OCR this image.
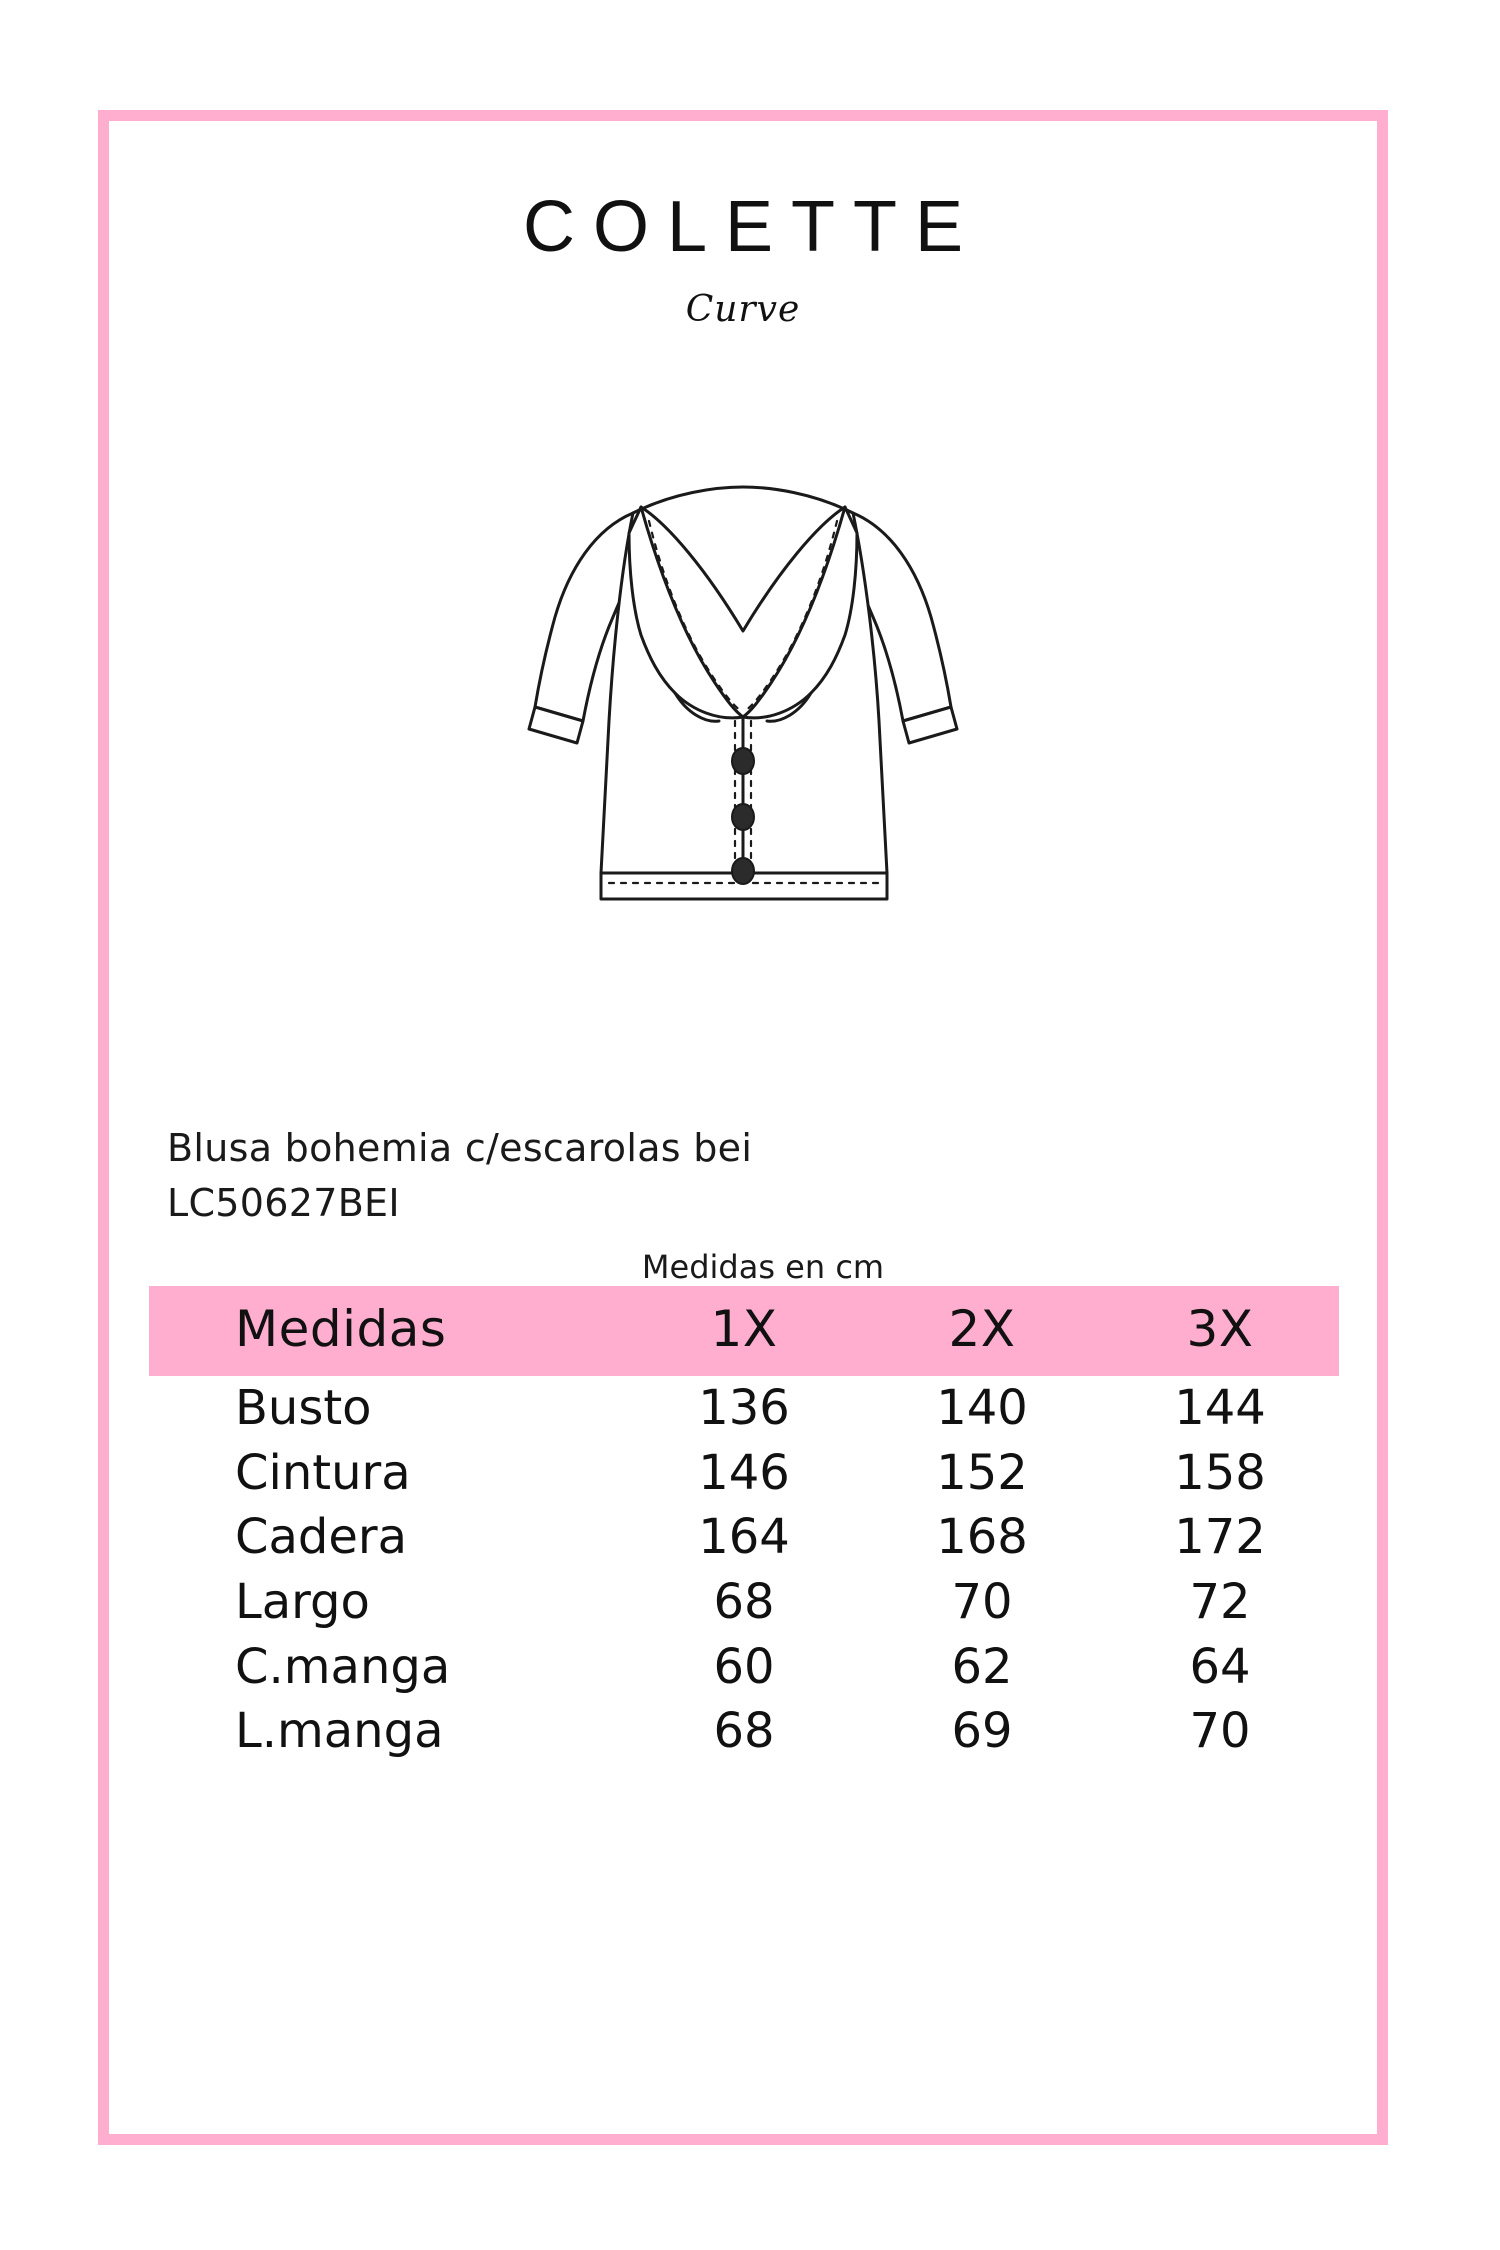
COLETTE
Curve
Blusa bohemia c/escarolas bei
LC50627BEI
Medidas en cm
Medidas	1X	2X	3X
Busto	136	140	144
Cintura	146	152	158
Cadera	164	168	172
Largo	68	70	72
C.manga	60	62	64
L.manga	68	69	70
